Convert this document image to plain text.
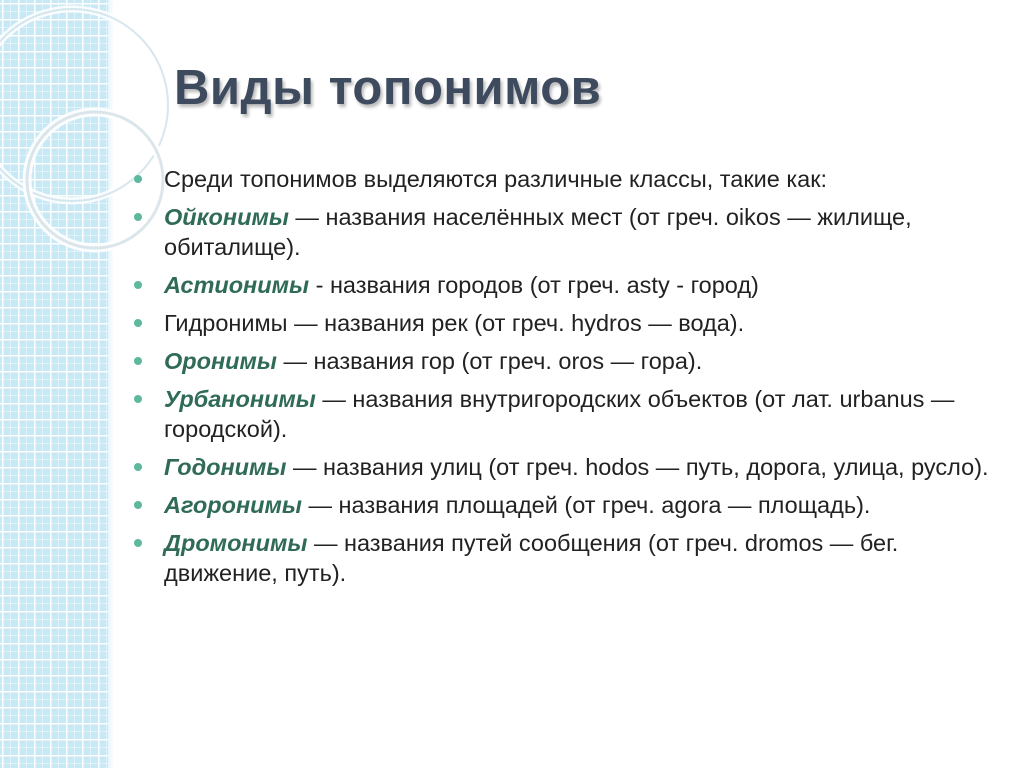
Виды топонимов
Среди топонимов выделяются различные классы, такие как:
Ойконимы — названия населённых мест (от греч. oikos — жилище, обиталище).
Астионимы - названия городов (от греч. asty - город)
Гидронимы — названия рек (от греч. hydros — вода).
Оронимы — названия гор (от греч. oros — гора).
Урбанонимы — названия внутригородских объектов (от лат. urbanus — городской).
Годонимы — названия улиц (от греч. hodos — путь, дорога, улица, русло).
Агоронимы — названия площадей (от греч. agora — площадь).
Дромонимы — названия путей сообщения (от греч. dromos — бег. движение, путь).
